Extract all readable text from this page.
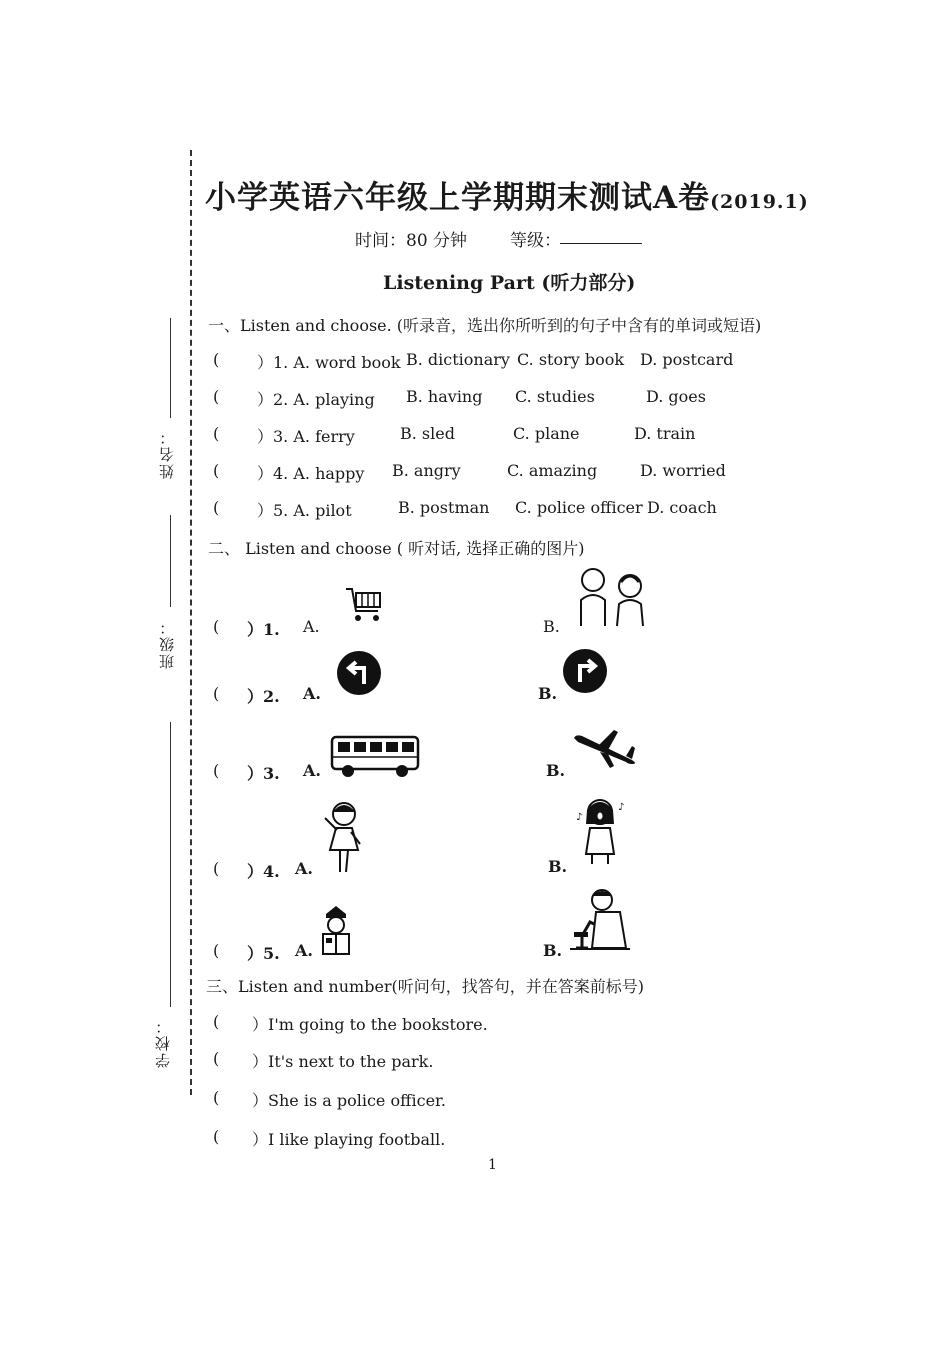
姓名：
班级：
学校：
小学英语六年级上学期期末测试A卷(2019.1)
时间：80 分钟	等级：
Listening Part (听力部分)
一、Listen and choose. (听录音，选出你所听到的句子中含有的单词或短语)
( ）1. A. word book B. dictionary C. story book D. postcard
( ）2. A. playing B. having C. studies	D. goes
( ）3. A. ferry	B. sled	C. plane	D. train
( ）4. A. happy B. angry	C. amazing	D. worried
( ）5. A. pilot	B. postman C. police officer D. coach
二、 Listen and choose ( 听对话, 选择正确的图片)
( ）1. A.	B.
( ）2. A.	B.
( ）3. A.	B.
( ）4. A.	B.
♪
♪
( ）5. A.	B.
三、Listen and number(听问句，找答句，并在答案前标号)
( ）I'm going to the bookstore.
( ）It's next to the park.
( ）She is a police officer.
( ）I like playing football.
1
